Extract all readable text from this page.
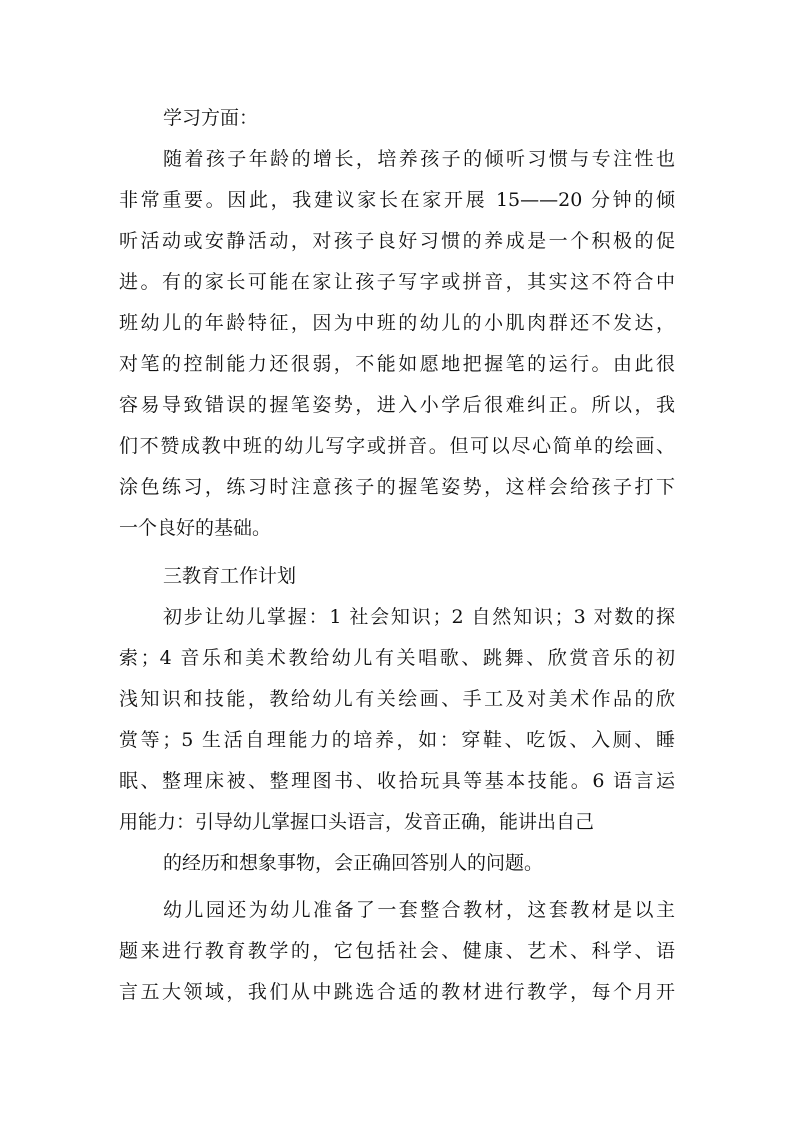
学习方面：
随着孩子年龄的增长，培养孩子的倾听习惯与专注性也
非常重要。因此，我建议家长在家开展 15——20 分钟的倾
听活动或安静活动，对孩子良好习惯的养成是一个积极的促
进。有的家长可能在家让孩子写字或拼音，其实这不符合中
班幼儿的年龄特征，因为中班的幼儿的小肌肉群还不发达，
对笔的控制能力还很弱，不能如愿地把握笔的运行。由此很
容易导致错误的握笔姿势，进入小学后很难纠正。所以，我
们不赞成教中班的幼儿写字或拼音。但可以尽心简单的绘画、
涂色练习，练习时注意孩子的握笔姿势，这样会给孩子打下
一个良好的基础。
三教育工作计划
初步让幼儿掌握：1 社会知识；2 自然知识；3 对数的探
索；4 音乐和美术教给幼儿有关唱歌、跳舞、欣赏音乐的初
浅知识和技能，教给幼儿有关绘画、手工及对美术作品的欣
赏等；5 生活自理能力的培养，如：穿鞋、吃饭、入厕、睡
眠、整理床被、整理图书、收拾玩具等基本技能。6 语言运
用能力：引导幼儿掌握口头语言，发音正确，能讲出自己
的经历和想象事物，会正确回答别人的问题。
幼儿园还为幼儿准备了一套整合教材，这套教材是以主
题来进行教育教学的，它包括社会、健康、艺术、科学、语
言五大领域，我们从中跳选合适的教材进行教学，每个月开
